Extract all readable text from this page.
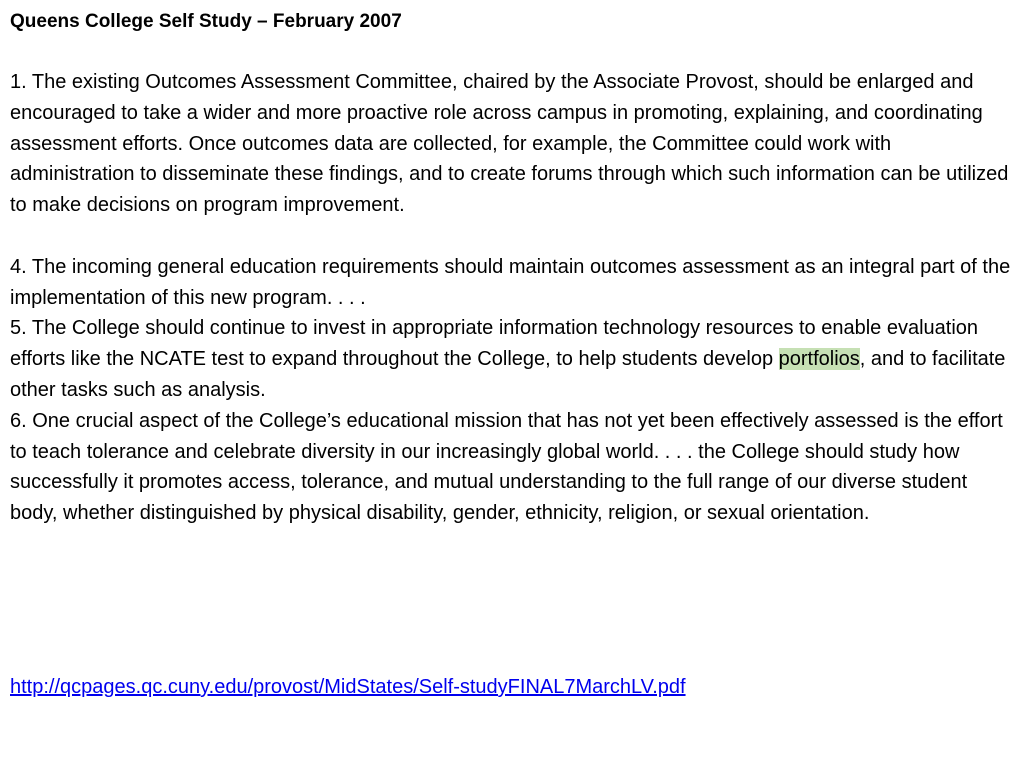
Queens College Self Study – February 2007

1. The existing Outcomes Assessment Committee, chaired by the Associate Provost, should be enlarged and encouraged to take a wider and more proactive role across campus in promoting, explaining, and coordinating assessment efforts. Once outcomes data are collected, for example, the Committee could work with administration to disseminate these findings, and to create forums through which such information can be utilized to make decisions on program improvement.

4. The incoming general education requirements should maintain outcomes assessment as an integral part of the implementation of this new program. . . .

5. The College should continue to invest in appropriate information technology resources to enable evaluation efforts like the NCATE test to expand throughout the College, to help students develop portfolios, and to facilitate other tasks such as analysis.

6. One crucial aspect of the College’s educational mission that has not yet been effectively assessed is the effort to teach tolerance and celebrate diversity in our increasingly global world. . . . the College should study how successfully it promotes access, tolerance, and mutual understanding to the full range of our diverse student body, whether distinguished by physical disability, gender, ethnicity, religion, or sexual orientation.

http://qcpages.qc.cuny.edu/provost/MidStates/Self-studyFINAL7MarchLV.pdf
